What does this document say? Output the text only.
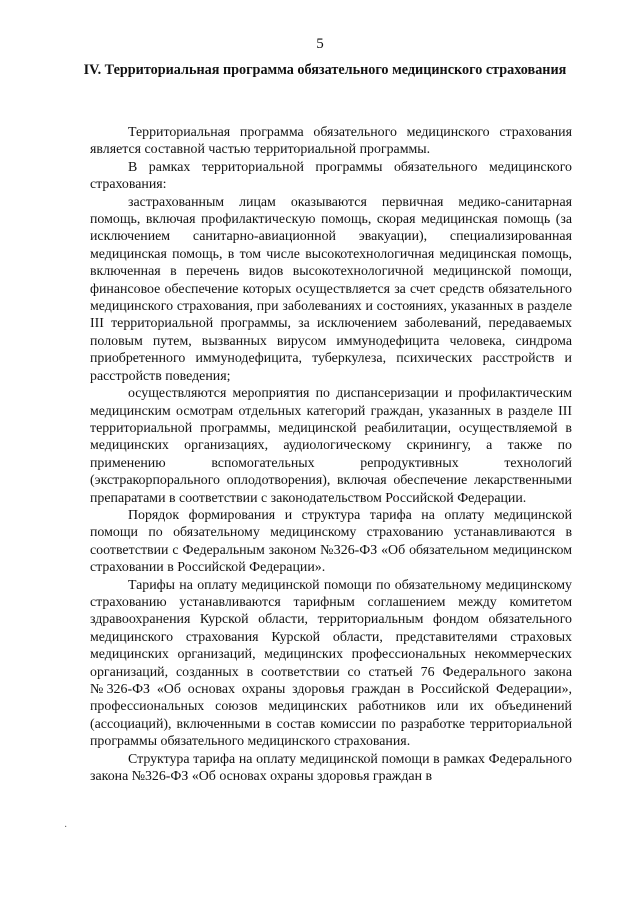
5
IV. Территориальная программа обязательного медицинского страхования

Территориальная программа обязательного медицинского страхования является составной частью территориальной программы.

В рамках территориальной программы обязательного медицинского страхования:

застрахованным лицам оказываются первичная медико-санитарная помощь, включая профилактическую помощь, скорая медицинская помощь (за исключением санитарно-авиационной эвакуации), специализированная медицинская помощь, в том числе высокотехнологичная медицинская помощь, включенная в перечень видов высокотехнологичной медицинской помощи, финансовое обеспечение которых осуществляется за счет средств обязательного медицинского страхования, при заболеваниях и состояниях, указанных в разделе III территориальной программы, за исключением заболеваний, передаваемых половым путем, вызванных вирусом иммунодефицита человека, синдрома приобретенного иммунодефицита, туберкулеза, психических расстройств и расстройств поведения;

осуществляются мероприятия по диспансеризации и профилактическим медицинским осмотрам отдельных категорий граждан, указанных в разделе III территориальной программы, медицинской реабилитации, осуществляемой в медицинских организациях, аудиологическому скринингу, а также по применению вспомогательных репродуктивных технологий (экстракорпорального оплодотворения), включая обеспечение лекарственными препаратами в соответствии с законодательством Российской Федерации.

Порядок формирования и структура тарифа на оплату медицинской помощи по обязательному медицинскому страхованию устанавливаются в соответствии с Федеральным законом №326-ФЗ «Об обязательном медицинском страховании в Российской Федерации».

Тарифы на оплату медицинской помощи по обязательному медицинскому страхованию устанавливаются тарифным соглашением между комитетом здравоохранения Курской области, территориальным фондом обязательного медицинского страхования Курской области, представителями страховых медицинских организаций, медицинских профессиональных некоммерческих организаций, созданных в соответствии со статьей 76 Федерального закона №326-ФЗ «Об основах охраны здоровья граждан в Российской Федерации», профессиональных союзов медицинских работников или их объединений (ассоциаций), включенными в состав комиссии по разработке территориальной программы обязательного медицинского страхования.

Структура тарифа на оплату медицинской помощи в рамках Федерального закона №326-ФЗ «Об основах охраны здоровья граждан в

·
